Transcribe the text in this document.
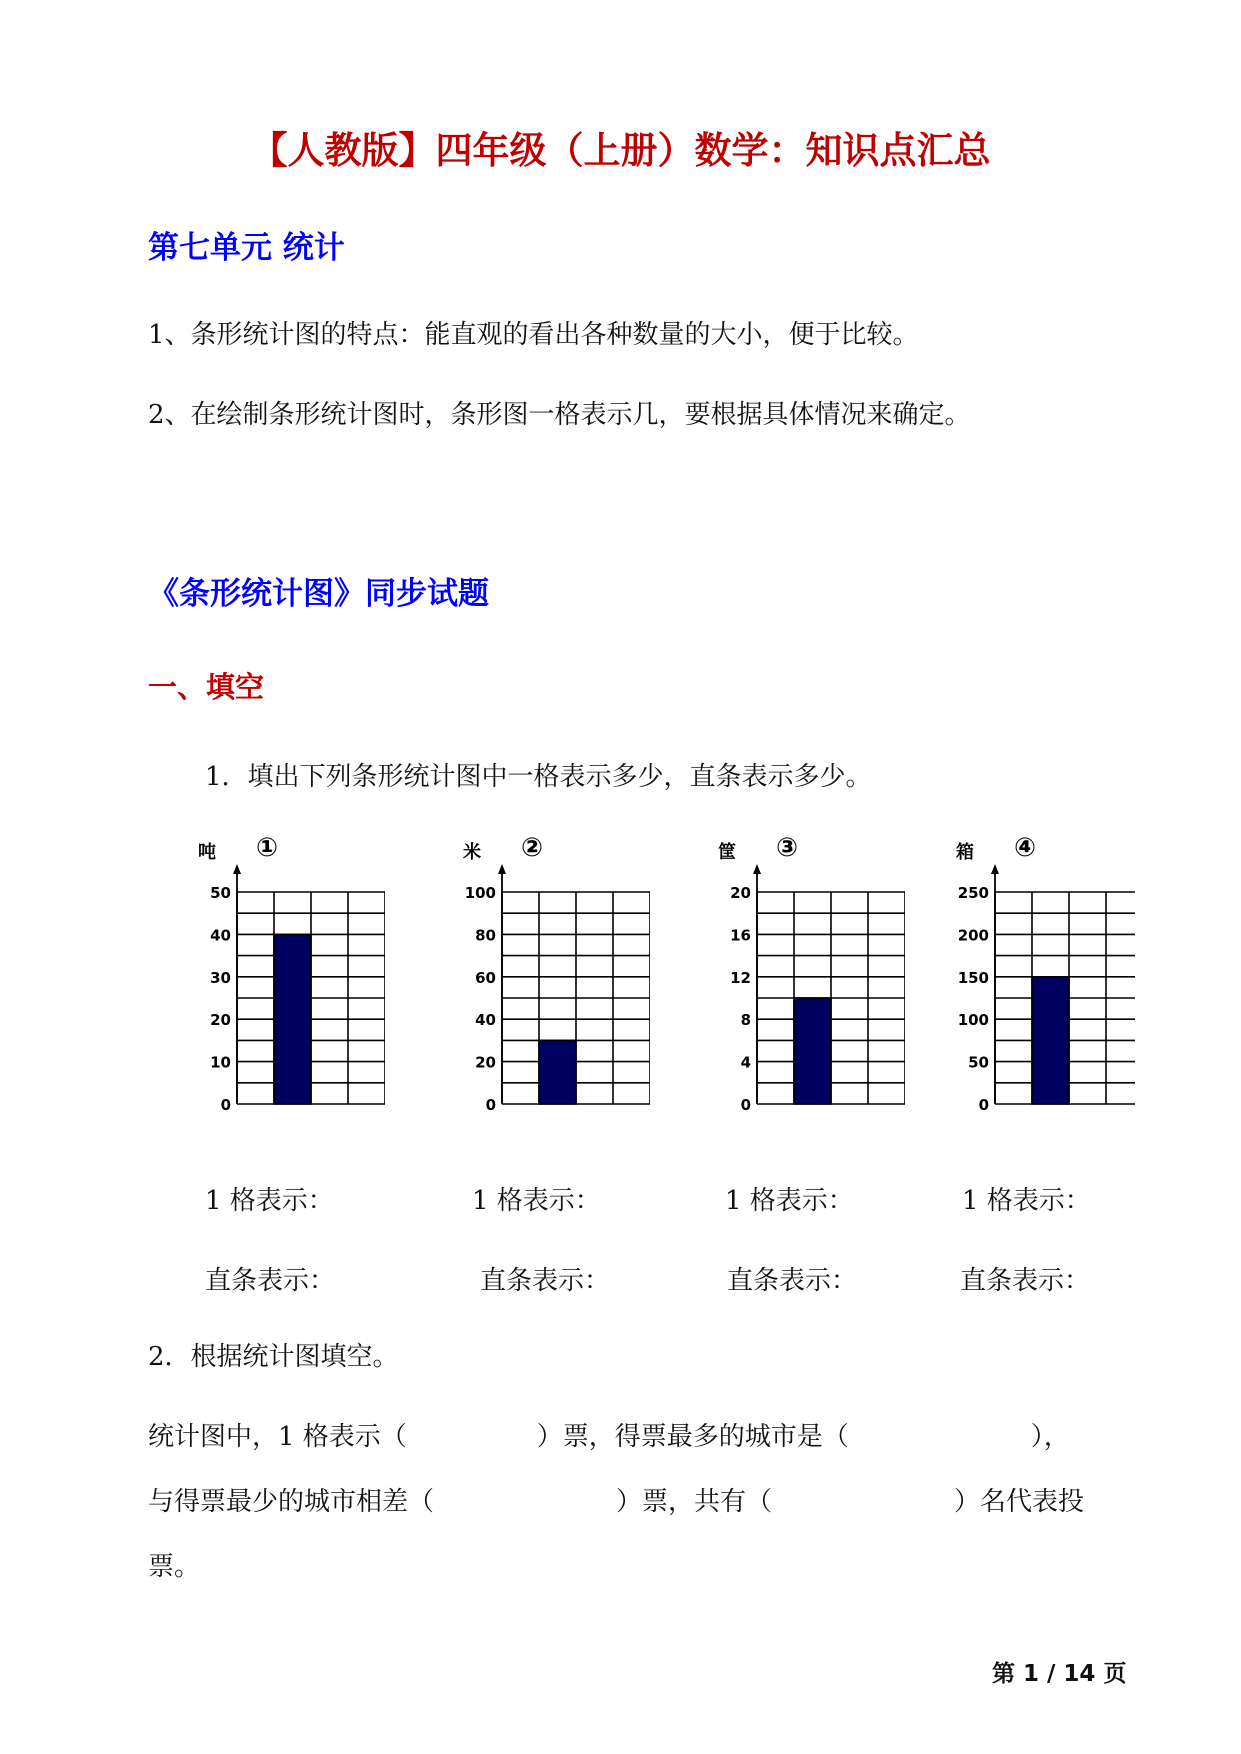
【人教版】四年级（上册）数学：知识点汇总
第七单元 统计
1、条形统计图的特点：能直观的看出各种数量的大小，便于比较。
2、在绘制条形统计图时，条形图一格表示几，要根据具体情况来确定。
《条形统计图》同步试题
一、填空
1．填出下列条形统计图中一格表示多少，直条表示多少。
50
40
30
20
10
0
吨 ①
100
80
60
40
20
0
米 ②
20
16
12
8
4
0
筐 ③
250
200
150
100
50
0
箱 ④
1 格表示：	1 格表示：	1 格表示：	1 格表示：
直条表示：	直条表示：	直条表示：	直条表示：
2．根据统计图填空。
统计图中，1 格表示（　　　　　）票，得票最多的城市是（　　　　　　　），
与得票最少的城市相差（　　　　　　　）票，共有（　　　　　　　）名代表投
票。
第 1 / 14 页
